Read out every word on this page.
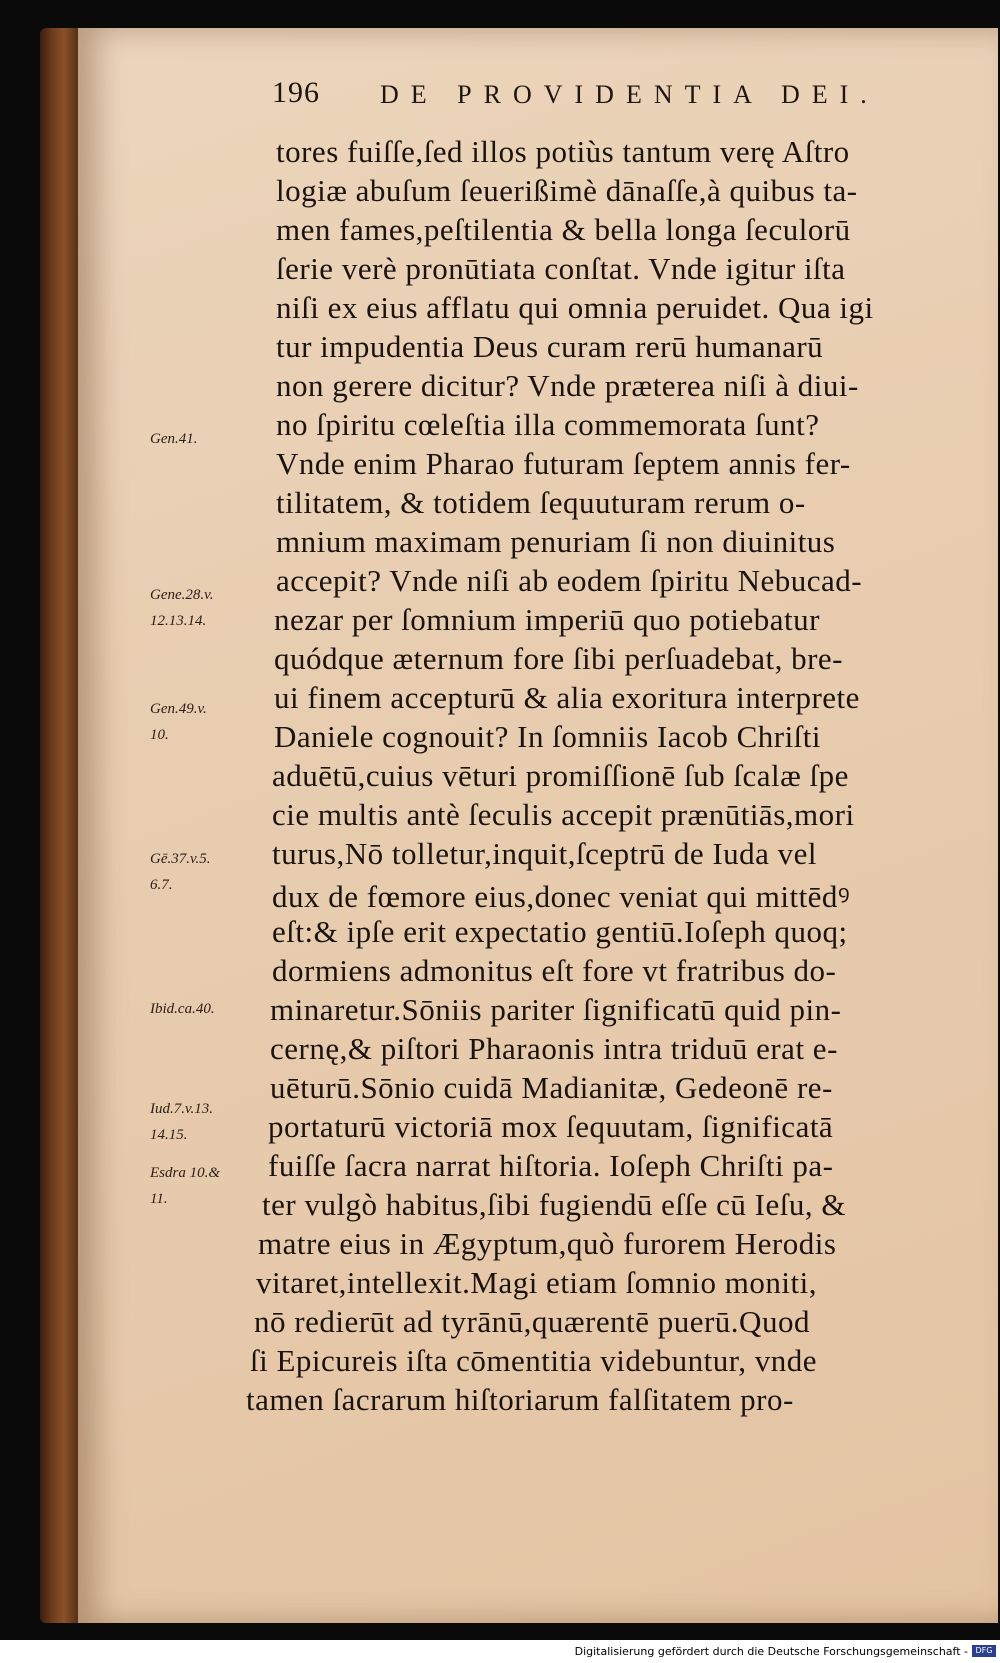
196 DE PROVIDENTIA DEI.
Gen.41.
Gene.28.v.
12.13.14.
Gen.49.v.
10.
Gē.37.v.5.
6.7.
Ibid.ca.40.
Iud.7.v.13.
14.15.
Esdra 10.&
11.
tores fuiſſe,ſed illos potiùs tantum verę Aſtro
logiæ abuſum ſeuerißimè dānaſſe,à quibus ta-
men fames,peſtilentia & bella longa ſeculorū
ſerie verè pronūtiata conſtat. Vnde igitur iſta
niſi ex eius afflatu qui omnia peruidet. Qua igi
tur impudentia Deus curam rerū humanarū
non gerere dicitur? Vnde præterea niſi à diui-
no ſpiritu cœleſtia illa commemorata ſunt?
Vnde enim Pharao futuram ſeptem annis fer-
tilitatem, & totidem ſequuturam rerum o-
mnium maximam penuriam ſi non diuinitus
accepit? Vnde niſi ab eodem ſpiritu Nebucad-
nezar per ſomnium imperiū quo potiebatur
quódque æternum fore ſibi perſuadebat, bre-
ui finem accepturū & alia exoritura interprete
Daniele cognouit? In ſomniis Iacob Chriſti
aduētū,cuius vēturi promiſſionē ſub ſcalæ ſpe
cie multis antè ſeculis accepit prænūtiās,mori
turus,Nō tolletur,inquit,ſceptrū de Iuda vel
dux de fœmore eius,donec veniat qui mittēdꝰ
eſt:& ipſe erit expectatio gentiū.Ioſeph quoq;
dormiens admonitus eſt fore vt fratribus do-
minaretur.Sōniis pariter ſignificatū quid pin-
cernę,& piſtori Pharaonis intra triduū erat e-
uēturū.Sōnio cuidā Madianitæ, Gedeonē re-
portaturū victoriā mox ſequutam, ſignificatā
fuiſſe ſacra narrat hiſtoria. Ioſeph Chriſti pa-
ter vulgò habitus,ſibi fugiendū eſſe cū Ieſu, &
matre eius in Ægyptum,quò furorem Herodis
vitaret,intellexit.Magi etiam ſomnio moniti,
nō redierūt ad tyrānū,quærentē puerū.Quod
ſi Epicureis iſta cōmentitia videbuntur, vnde
tamen ſacrarum hiſtoriarum falſitatem pro-
Digitalisierung gefördert durch die Deutsche Forschungsgemeinschaft - DFG
